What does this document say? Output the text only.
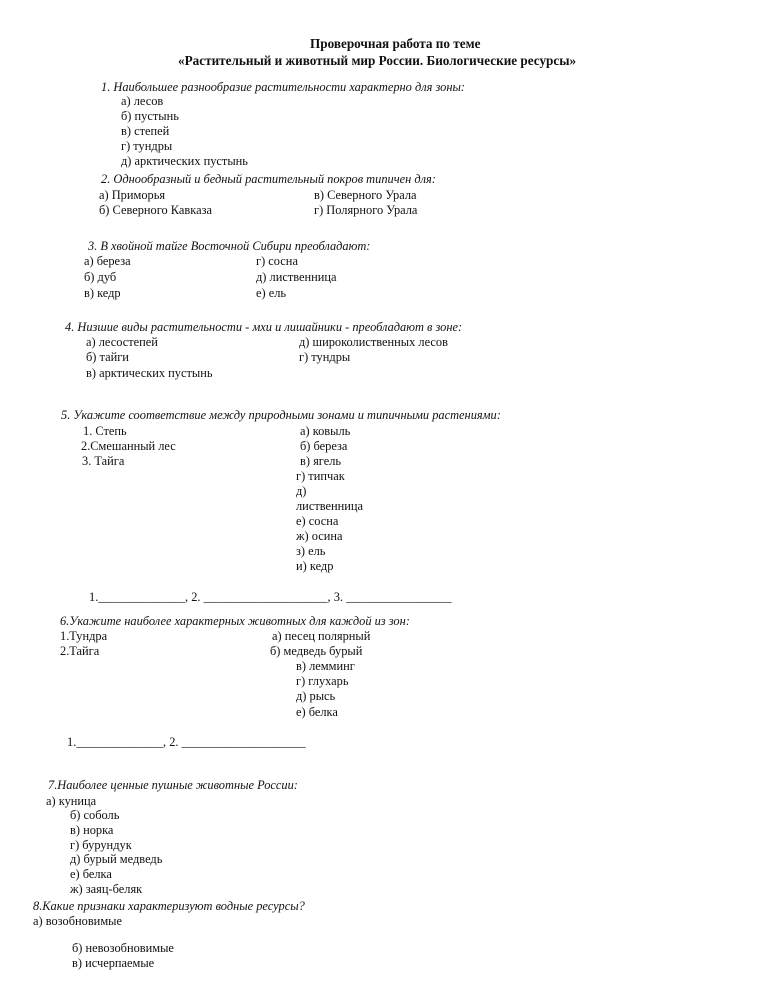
Проверочная работа по теме
«Растительный и животный мир России. Биологические ресурсы»
1. Наибольшее разнообразие растительности характерно для зоны:
а) лесов
б) пустынь
в) степей
г) тундры
д) арктических пустынь
2. Однообразный и бедный растительный покров типичен для:
а) Приморья
б) Северного Кавказа
в) Северного Урала
г) Полярного Урала
3. В хвойной тайге Восточной Сибири преобладают:
а) береза
б) дуб
в) кедр
г) сосна
д) лиственница
е) ель
4. Низшие виды растительности - мхи и лишайники - преобладают в зоне:
а) лесостепей
б) тайги
в) арктических пустынь
д) широколиственных лесов
г) тундры
5. Укажите соответствие между природными зонами и типичными растениями:
1. Степь
2.Смешанный лес
3. Тайга
а) ковыль
б) береза
в) ягель
г) типчак
д)
лиственница
е) сосна
ж) осина
з) ель
и) кедр
1.______________, 2. ____________________, 3. _________________
6.Укажите наиболее характерных животных для каждой из зон:
1.Тундра
2.Тайга
а) песец полярный
б) медведь бурый
в) лемминг
г) глухарь
д) рысь
е) белка
1.______________, 2. ____________________
7.Наиболее ценные пушные животные России:
а) куница
б) соболь
в) норка
г) бурундук
д) бурый медведь
е) белка
ж) заяц-беляк
8.Какие признаки характеризуют водные ресурсы?
а) возобновимые
б) невозобновимые
в) исчерпаемые
